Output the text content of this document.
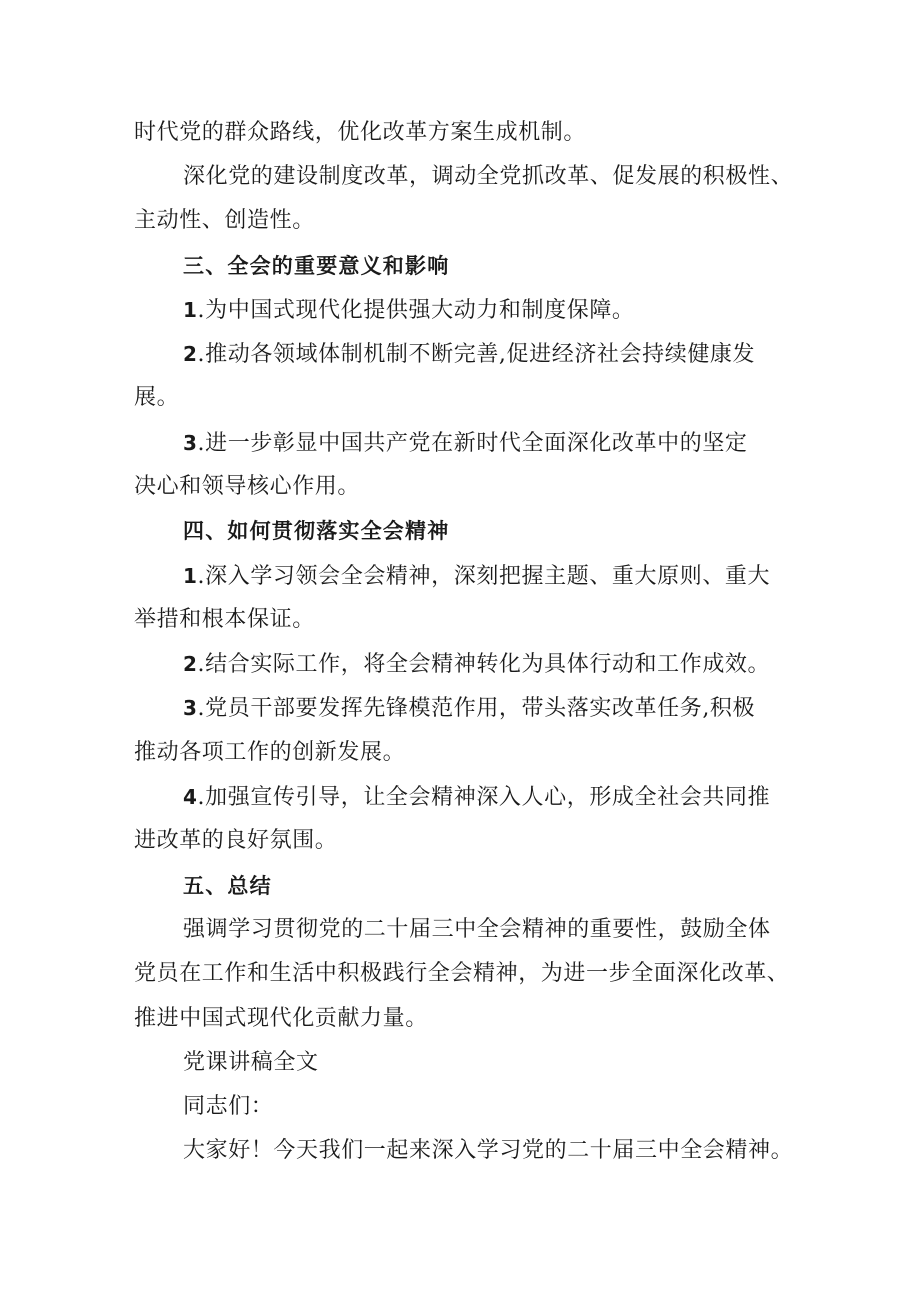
时代党的群众路线，优化改革方案生成机制。
深化党的建设制度改革，调动全党抓改革、促发展的积极性、
主动性、创造性。
三、全会的重要意义和影响
1.为中国式现代化提供强大动力和制度保障。
2.推动各领域体制机制不断完善,促进经济社会持续健康发
展。
3.进一步彰显中国共产党在新时代全面深化改革中的坚定
决心和领导核心作用。
四、如何贯彻落实全会精神
1.深入学习领会全会精神，深刻把握主题、重大原则、重大
举措和根本保证。
2.结合实际工作，将全会精神转化为具体行动和工作成效。
3.党员干部要发挥先锋模范作用，带头落实改革任务,积极
推动各项工作的创新发展。
4.加强宣传引导，让全会精神深入人心，形成全社会共同推
进改革的良好氛围。
五、总结
强调学习贯彻党的二十届三中全会精神的重要性，鼓励全体
党员在工作和生活中积极践行全会精神，为进一步全面深化改革、
推进中国式现代化贡献力量。
党课讲稿全文
同志们：
大家好！今天我们一起来深入学习党的二十届三中全会精神。
